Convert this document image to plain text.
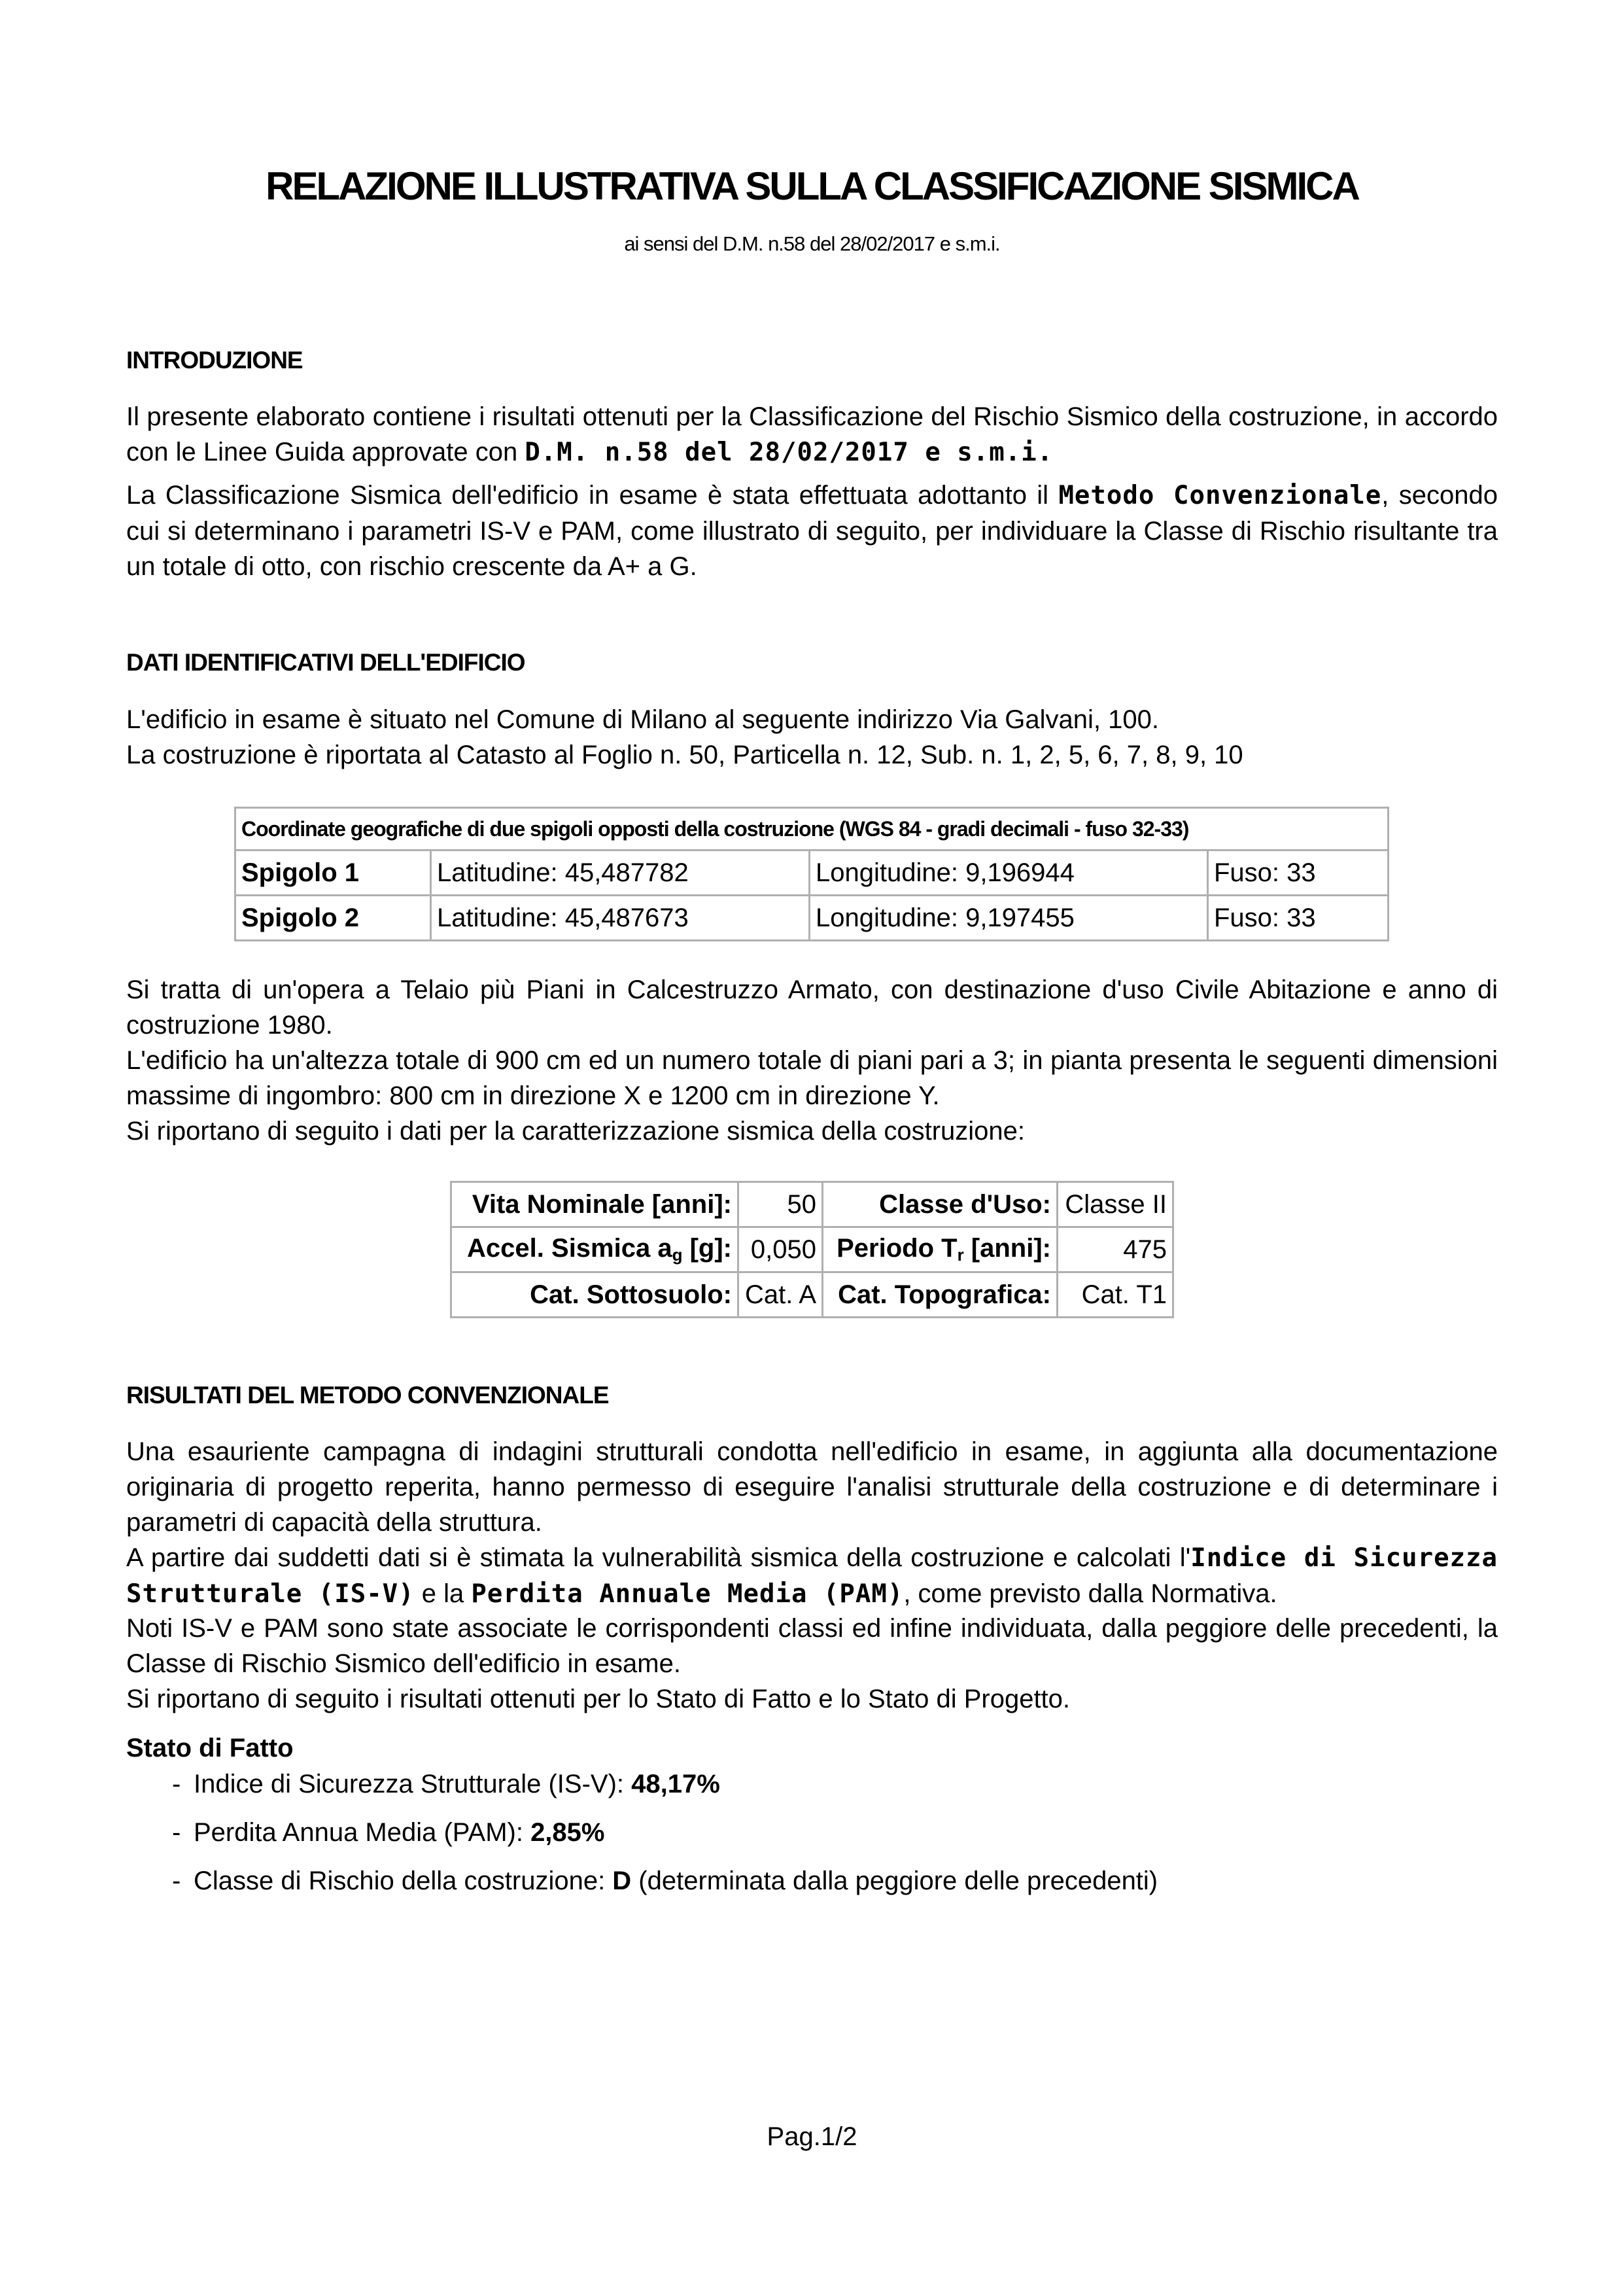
RELAZIONE ILLUSTRATIVA SULLA CLASSIFICAZIONE SISMICA
ai sensi del D.M. n.58 del 28/02/2017 e s.m.i.
INTRODUZIONE

Il presente elaborato contiene i risultati ottenuti per la Classificazione del Rischio Sismico della costruzione, in accordo con le Linee Guida approvate con D.M. n.58 del 28/02/2017 e s.m.i.

La Classificazione Sismica dell'edificio in esame è stata effettuata adottanto il Metodo Convenzionale, secondo cui si determinano i parametri IS-V e PAM, come illustrato di seguito, per individuare la Classe di Rischio risultante tra un totale di otto, con rischio crescente da A+ a G.

DATI IDENTIFICATIVI DELL'EDIFICIO

L'edificio in esame è situato nel Comune di Milano al seguente indirizzo Via Galvani, 100.

La costruzione è riportata al Catasto al Foglio n. 50, Particella n. 12, Sub. n. 1, 2, 5, 6, 7, 8, 9, 10

Coordinate geografiche di due spigoli opposti della costruzione (WGS 84 - gradi decimali - fuso 32-33)			
Spigolo 1	Latitudine: 45,487782	Longitudine: 9,196944	Fuso: 33
Spigolo 2	Latitudine: 45,487673	Longitudine: 9,197455	Fuso: 33

Si tratta di un'opera a Telaio più Piani in Calcestruzzo Armato, con destinazione d'uso Civile Abitazione e anno di costruzione 1980.

L'edificio ha un'altezza totale di 900 cm ed un numero totale di piani pari a 3; in pianta presenta le seguenti dimensioni massime di ingombro: 800 cm in direzione X e 1200 cm in direzione Y.

Si riportano di seguito i dati per la caratterizzazione sismica della costruzione:

Vita Nominale [anni]:	50	Classe d'Uso:	Classe II
Accel. Sismica $a_g$ [g]:	0,050	Periodo $T_r$ [anni]:	475
Cat. Sottosuolo:	Cat. A	Cat. Topografica:	Cat. T1
RISULTATI DEL METODO CONVENZIONALE

Una esauriente campagna di indagini strutturali condotta nell'edificio in esame, in aggiunta alla documentazione originaria di progetto reperita, hanno permesso di eseguire l'analisi strutturale della costruzione e di determinare i parametri di capacità della struttura.

A partire dai suddetti dati si è stimata la vulnerabilità sismica della costruzione e calcolati l'Indice di Sicurezza Strutturale (IS-V) e la Perdita Annuale Media (PAM), come previsto dalla Normativa.

Noti IS-V e PAM sono state associate le corrispondenti classi ed infine individuata, dalla peggiore delle precedenti, la Classe di Rischio Sismico dell'edificio in esame.

Si riportano di seguito i risultati ottenuti per lo Stato di Fatto e lo Stato di Progetto.

Stato di Fatto
- Indice di Sicurezza Strutturale (IS-V): 48,17%
- Perdita Annua Media (PAM): 2,85%
- Classe di Rischio della costruzione: D (determinata dalla peggiore delle precedenti)
Pag.1/2
